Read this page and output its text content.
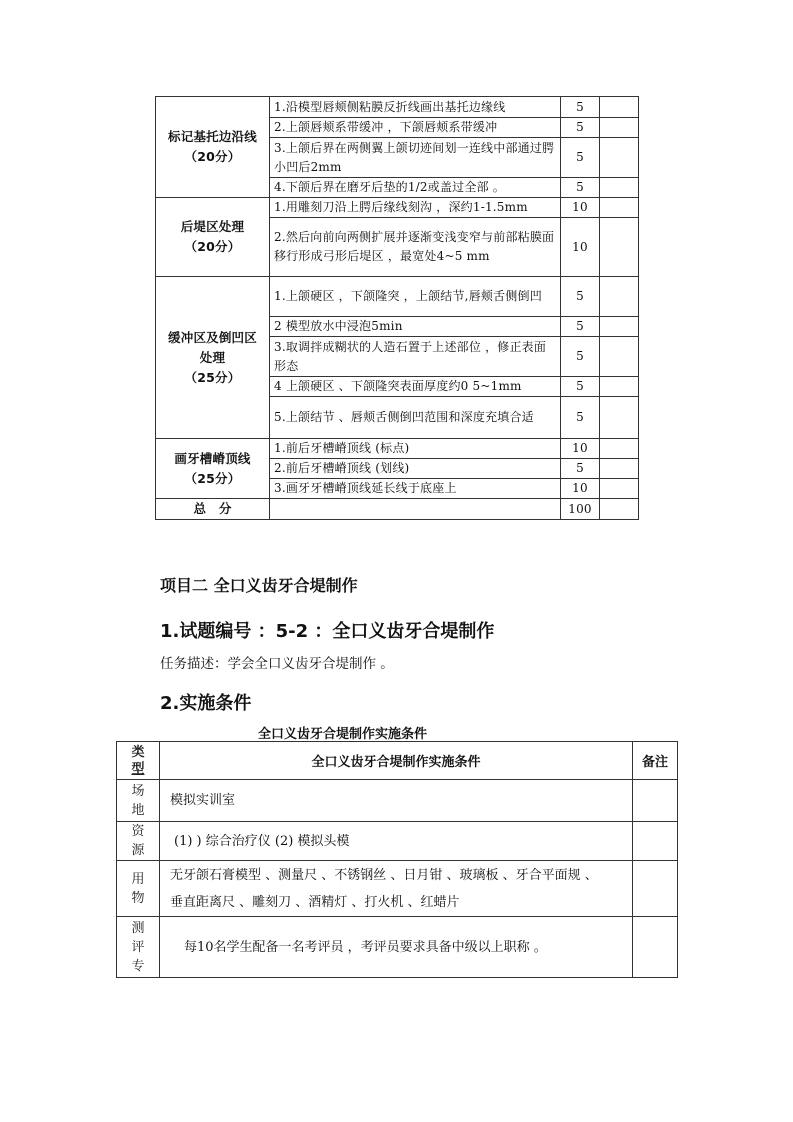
标记基托边沿线
（20分）	1.沿模型唇颊侧粘膜反折线画出基托边缘线	5	
	2.上颌唇颊系带缓冲 ，下颌唇颊系带缓冲	5	
	3.上颌后界在两侧翼上颌切迹间划一连线中部通过腭小凹后2mm	5	
	4.下颌后界在磨牙后垫的1/2或盖过全部 。	5	
后堤区处理
（20分）	1.用雕刻刀沿上腭后缘线刻沟 ，深约1-1.5mm	10	
	2.然后向前向两侧扩展并逐渐变浅变窄与前部粘膜面移行形成弓形后堤区 ，最宽处4~5 mm	10	
缓冲区及倒凹区处理
（25分）	1.上颌硬区 ，下颌隆突 ，上颌结节,唇颊舌侧倒凹	5	
	2 模型放水中浸泡5min	5	
	3.取调拌成糊状的人造石置于上述部位 ，修正表面形态	5	
	4 上颌硬区 、下颌隆突表面厚度约0 5~1mm	5	
	5.上颌结节 、唇颊舌侧倒凹范围和深度充填合适	5	
画牙槽嵴顶线
（25分）	1.前后牙槽嵴顶线 (标点)	10	
	2.前后牙槽嵴顶线 (划线)	5	
	3.画牙牙槽嵴顶线延长线于底座上	10	
总　分		100	
项目二 全口义齿牙合堤制作
1.试题编号 ：5-2 ：全口义齿牙合堤制作
任务描述：学会全口义齿牙合堤制作 。
2.实施条件
全口义齿牙合堤制作实施条件
类
型	全口义齿牙合堤制作实施条件	备注

场
地	模拟实训室	

资
源	(1) ) 综合治疗仪 (2) 模拟头模	

用
物	无牙颌石膏模型 、测量尺 、不锈钢丝 、日月钳 、玻璃板 、牙合平面规 、
垂直距离尺 、雕刻刀 、酒精灯 、打火机 、红蜡片	

测
评
专	每10名学生配备一名考评员 ，考评员要求具备中级以上职称 。	
